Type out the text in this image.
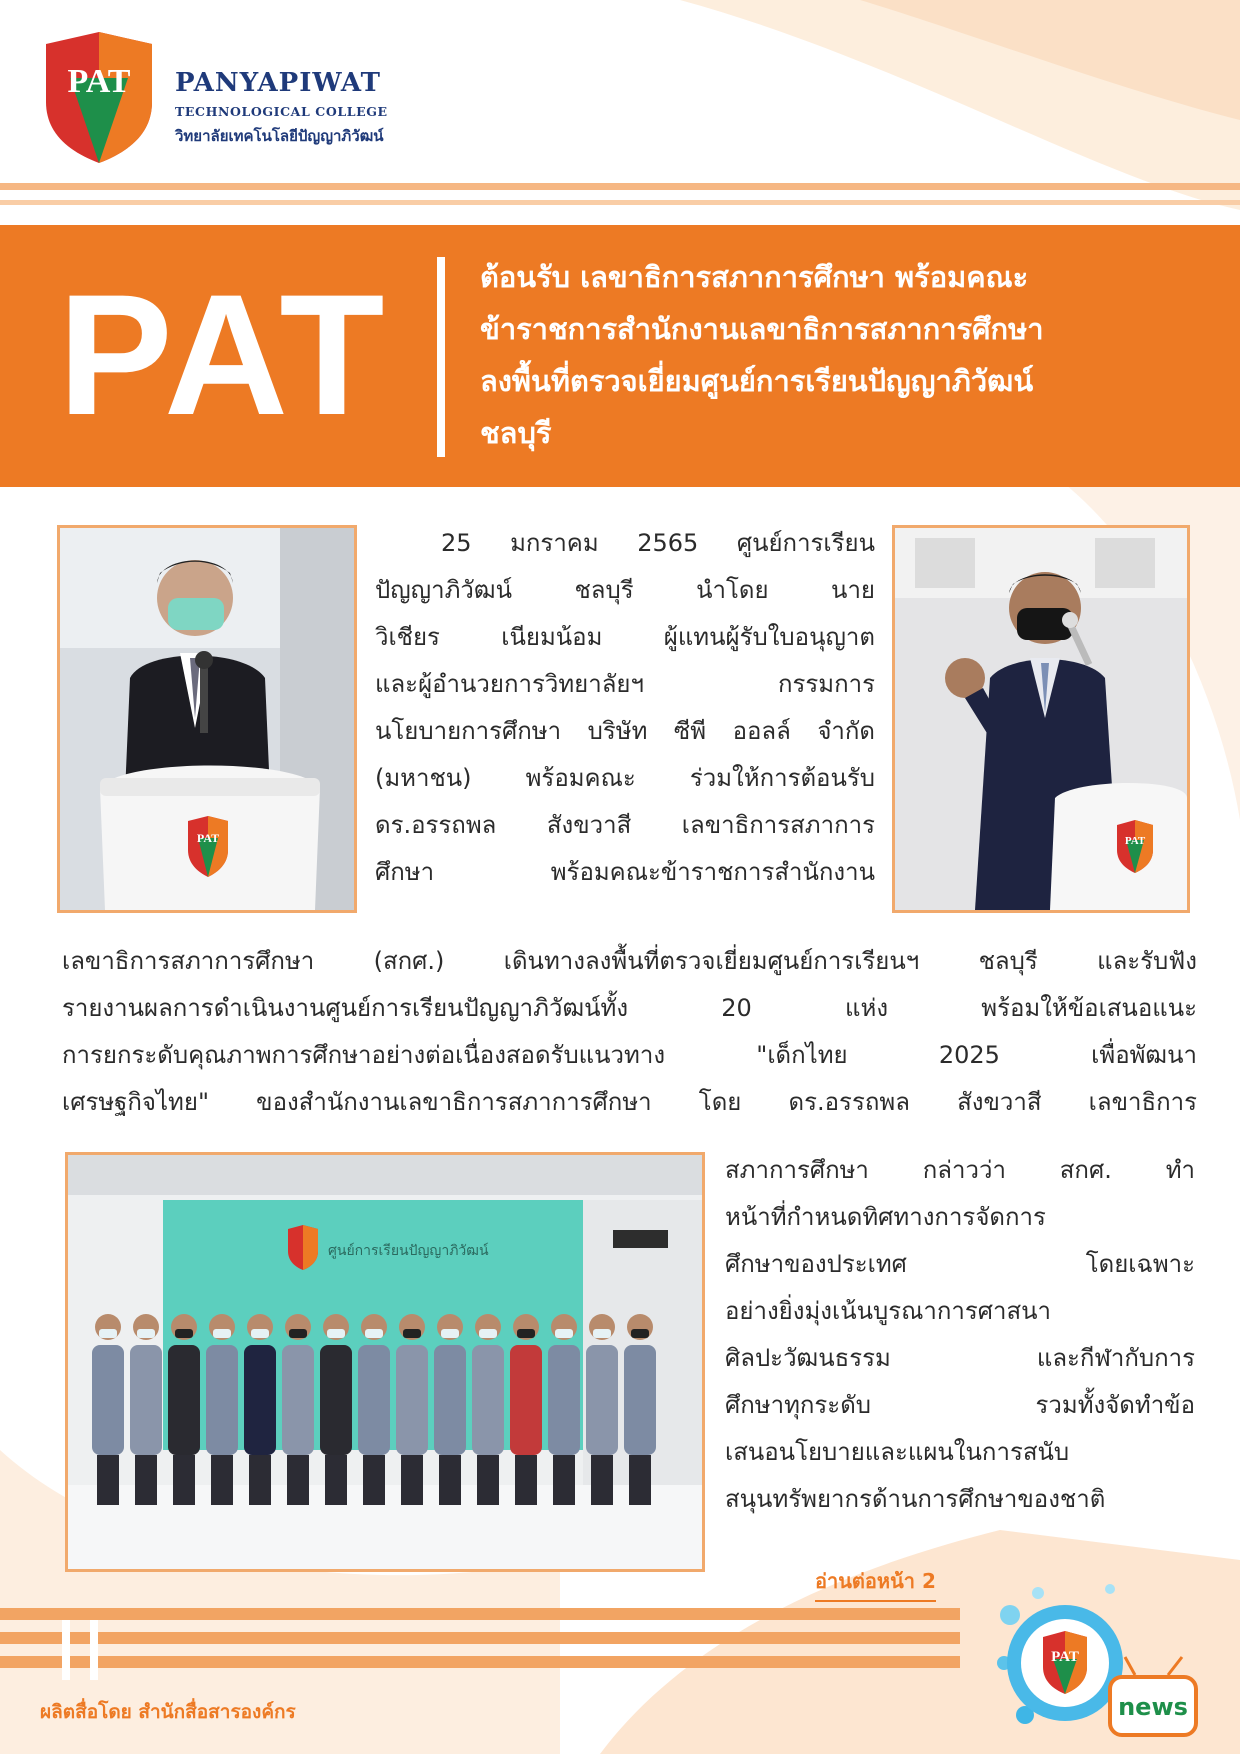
PAT PANYAPIWAT
TECHNOLOGICAL COLLEGE
วิทยาลัยเทคโนโลยีปัญญาภิวัฒน์
PAT	ต้อนรับ เลขาธิการสภาการศึกษา พร้อมคณะ
ข้าราชการสำนักงานเลขาธิการสภาการศึกษา
ลงพื้นที่ตรวจเยี่ยมศูนย์การเรียนปัญญาภิวัฒน์
ชลบุรี
PAT	PAT
25 มกราคม 2565 ศูนย์การเรียน
ปัญญาภิวัฒน์ ชลบุรี นำโดย นาย
วิเชียร เนียมน้อม ผู้แทนผู้รับใบอนุญาต
และผู้อำนวยการวิทยาลัยฯ กรรมการ
นโยบายการศึกษา บริษัท ซีพี ออลล์ จำกัด
(มหาชน) พร้อมคณะ ร่วมให้การต้อนรับ
ดร.อรรถพล สังขวาสี เลขาธิการสภาการ
ศึกษา พร้อมคณะข้าราชการสำนักงาน
เลขาธิการสภาการศึกษา (สกศ.) เดินทางลงพื้นที่ตรวจเยี่ยมศูนย์การเรียนฯ ชลบุรี และรับฟัง
รายงานผลการดำเนินงานศูนย์การเรียนปัญญาภิวัฒน์ทั้ง 20 แห่ง พร้อมให้ข้อเสนอแนะ
การยกระดับคุณภาพการศึกษาอย่างต่อเนื่องสอดรับแนวทาง "เด็กไทย 2025 เพื่อพัฒนา
เศรษฐกิจไทย" ของสำนักงานเลขาธิการสภาการศึกษา โดย ดร.อรรถพล สังขวาสี เลขาธิการ
ศูนย์การเรียนปัญญาภิวัฒน์
สภาการศึกษา กล่าวว่า สกศ. ทำ
หน้าที่กำหนดทิศทางการจัดการ
ศึกษาของประเทศ โดยเฉพาะ
อย่างยิ่งมุ่งเน้นบูรณาการศาสนา
ศิลปะวัฒนธรรม และกีฬากับการ
ศึกษาทุกระดับ รวมทั้งจัดทำข้อ
เสนอนโยบายและแผนในการสนับ
สนุนทรัพยากรด้านการศึกษาของชาติ
อ่านต่อหน้า 2
ผลิตสื่อโดย สำนักสื่อสารองค์กร
PAT
news
